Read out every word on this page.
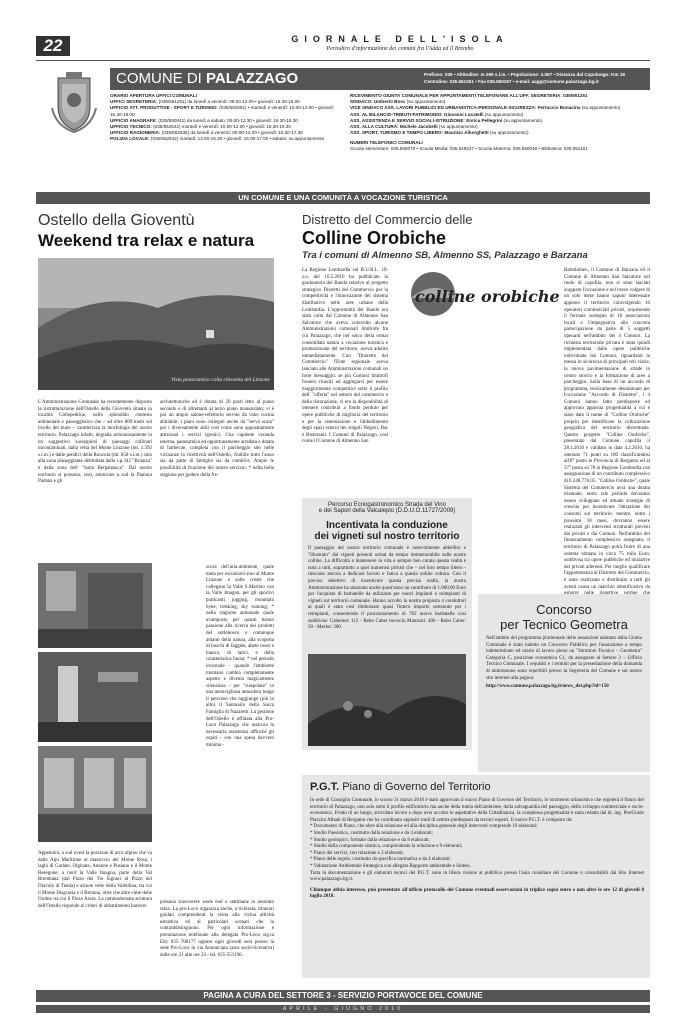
22	GIORNALE DELL'ISOLA
Periodico d'informazione dei comuni fra l'Adda ed il Brembo
COMUNE DI PALAZZAGO	Prefisso: 035 • Altitudine: m 269 s.l.m. • Popolazione: 4.097 • Distanza dal Capoluogo: Km 18
Centralino: 035.551261 • Fax 035.550197 • e-mail: aagg@comune.palazzago.bg.it
ORARIO APERTURA UFFICI COMUNALI
UFFICI SEGRETERIA: (035/551261) da lunedì a venerdì: 09.00-12.00 • giovedì: 16.30-18.00
UFFICIO ATT. PRODUTTIVE - SPORT E TURISMO: (035/550061) • martedì e venerdì: 10.00-12.00 • giovedì: 16.30-18.00
UFFICIO ANAGRAFE: (035/550041) da lunedì a sabato: 09.00-12.30 • giovedì: 16.30-18.30
UFFICIO TECNICO: (035/552542) martedì e venerdì: 10.00-12.00 • giovedì: 16.30-18.30
UFFICIO RAGIONERIA: (035/552535) da lunedì a venerdì: 09.00-12.00 • giovedì: 16.30-17.30
POLIZIA LOCALE: (035/552542) martedì: 14.00-16.30 • giovedì: 15.00-17.00 • sabato: su appuntamento
RICEVIMENTO GIUNTA COMUNALE PER APPUNTAMENTI TELEFONARE ALL'UFF. SEGRETERIA: 035/551261
SINDACO: Umberto Bosc (su appuntamento)
VICE SINDACO ASS. LAVORI PUBBLICI ED URBANISTICA-PERSONALE-SICUREZZA: Ferruccio Bonacina (su appuntamento)
ASS. AL BILANCIO-TRIBUTI-PATRIMONIO: Giovanni Locatelli (su appuntamento)
ASS. ASSISTENZA E SERVIZI SOCIALI-ISTRUZIONE: Enrica Pellegrini (su appuntamento)
ASS. ALLA CULTURA: Michele Jacobelli (su appuntamento)
ASS. SPORT, TURISMO E TEMPO LIBERO: Maurizio Alborghetti (su appuntamento)
NUMERI TELEFONICI COMUNALI
Scuola elementare: 035.550070 • Scuola Media: 035.549227 • Scuola Materna: 035.550048 • Biblioteca: 035.551161
UN COMUNE E UNA COMUNITÀ A VOCAZIONE TURISTICA
Ostello della Gioventù
Weekend tra relax e natura
Vista panoramica colla chiesetta del Linzone
L'Amministrazione Comunale ha recentemente disposto la ristrutturazione dell'Ostello della Gioventù situato in località Collepedrino, nello splendido contesto ambientale e paesaggistico che – ad oltre 800 metri sul livello del mare – caratterizza la morfologia del nostro territorio. Palazzago infatti, degrada armoniosamente in un suggestivo susseguirsi di paesaggi collinari incontaminati, dalla vetta del Monte Linzone (mt. 1.392 s.l.m.) e dalle pendici della Roncola (mt. 858 s.l.m.) sino alla zona pianeggiante delimitata dalla s.p.342 "Brianza" e dalla zona dell' "Isola Bergamasca". Dal nostro territorio si possono, così, ammirare a sud la Pianura Padana e gli
architettoniche ed è dotata di 20 posti letto al piano secondo e di altrettanti al terzo piano mansardato; vi è poi un ampio salone-refettorio servito da vano cucina abitabile; i piani sono collegati anche da "servo scala" per i diversamente abili così come sono appositamente attrezzati i servizi igienici. Una capiente veranda esterna, panoramica ed opportunamente arredata e dotata di barbecue, completa con il parcheggio sito nelle vicinanze la ricettività dell'Ostello, fruibile tutto l'anno sia da parte di famiglie sia da comitive. Ampie le possibilità di fruizione del nostro servizio: * nella bella stagione per godere della fre-
scura dell'aria-ambiente, quale meta per escursioni sino al Monte Linzone e sulle creste che collegano la Valle S.Martino con la Valle Imagna, per gli sportivi praticanti jogging, mountain byke, trekking, sky running; * nella stagione autunnale quale avamposto per quanti hanno passione alla ricerca dei prodotti del sottobosco e comunque amanti della natura, alla scoperta di boschi di faggete, abete rosso e bianco, di larici, e della caratteristica fauna; * nel periodo invernale - quando l'ambiente montano cambia completamente aspetto e diventa magicamente silenzioso - per "ciaspolare" in una meravigliosa atmosfera lungo il percorso che raggiunge (più in alto) il Santuario della Sacra Famiglia di Nazareth. La gestione dell'Ostello è affidata alla Pro-Loco Palazzago che assicura la necessaria assistenza affinché gli ospiti - con una spesa davvero minima -
Appennini, a sud ovest la porzione di arco alpino che va dalle Alpi Marittime al massiccio del Monte Rosa, i laghi di Garlate, Olginate, Annone e Pusiano e il Monte Resegone, a nord la Valle Imagna, parte della Val Brembana (dal Pizzo dei Tre Signori al Pizzo del Diavolo di Tenda) e alcune vette della Valtellina, tra cui il Monte Disgrazia e il Bernina, oltre che altre cime delle Orobie tra cui il Pizzo Arera. La rammodernata struttura dell'Ostello risponde ai criteri di abbattimento barriere
possano trascorrere week end o settimane in assoluto relax. La pro-Loco organizza anche, a richiesta, itinerari guidati comprendenti la visita alla vicina attività estrattiva ed ai particolari scenari che la contraddistinguono. Per ogni informazione e prenotazione telefonate alla delegata Pro-Loco sig.ra Edy 035–788177 oppure ogni giovedì sera presso la sede Pro-Loco in via Annunciata (area socio-ricreativa) dalle ore 21 alle ore 23 - tel. 035-551196.
Distretto del Commercio delle
Colline Orobiche
Tra i comuni di Almenno SB, Almenno SS, Palazzago e Barzana
La Regione Lombardia sul B.U.R.L. 19-s.o. del 10.5.2010 ha pubblicato la graduatoria del Bando relativo al progetto strategico Distretti del Commercio per la competitività e l'innovazione del sistema distributivo nelle aree urbane della Lombardia. L'opportunità del Bando era stata colta dal Comune di Almenno San Salvatore che aveva coinvolto alcune Amministrazioni comunali limitrofe fra cui Palazzago, che nel solco della ormai consolidata natura a vocazione turistica e promozionale del territorio, aveva aderito immediatamente. Con "Distretto del Commercio" l'Ente regionale aveva lanciato alle Amministrazioni comunali un forte messaggio: se più Comuni limitrofi fossero riusciti ad aggregarsi per essere maggiormente competitivi sotto il profilo dell' "offerta" nel settore del commercio e della ristorazione, vi era la disponibilità di ottenere contributi a fondo perduto per opere pubbliche di miglioria del territorio e per la sistemazione e l'abbellimento degli spazi esterni dei singoli Negozi, Bar e Ristoranti. I Comuni di Palazzago, così come il Comune di Almenno San
colline orobiche
Bartolomeo, il Comune di Barzana ed il Comune di Almenno San Salvatore nel ruolo di capofila, non si sono lasciati scappare l'occasione e nel breve volgere di un solo mese hanno saputo interessare appieno il territorio coinvolgendo 16 operatori commerciali privati, acquisendo il formale sostegno di 10 associazioni locali e l'impegnativa alla concreta partecipazione da parte di 5 soggetti operanti nell'ambito dei 4 Comuni. La richiesta territoriale privata è stata quindi implementata dalle opere pubbliche individuate dai Comuni, riguardanti la messa in sicurezza di principali reti viarie, la nuova pavimentazione di strade in centro storico e la formazione di aree a parcheggio. Sulla base di un accordo di programma, tecnicamente denominato per l'occasione "Accordo di Distretto", i 4 Comuni hanno fatto predisporre ed approvato apposita progettualità a cui è stato dato il nome di "Colline Orobiche" proprio per identificare la collocazione geografica del territorio distrettuale. Questo progetto "Colline Orobiche", presentato dal Comune capofila il 28.1.2010 e validato in data 4.2.2010, ha ottenuto 71 punti su 100 classificandosi all'8° posto in Provincia di Bergamo ed al 37° posto su 78 in Regione Lombardia con assegnazione di un contributo complessivo di €.248.776,05. "Colline Orobiche", quale Sistema del Commercio avrà una durata triennale; entro tale periodo dovranno essere sviluppate ed attuate strategie di crescita per incentivare l'attrazione dei consumi sul territorio; mentre, entro i prossimi 18 mesi, dovranno essere realizzati gli interventi strutturali previsti dai privati e dai Comuni. Nell'ambito del finanziamento complessivo assegnato, il territorio di Palazzago potrà fruire di una somma stimata in circa 75 mila Euro, suddivisa tra opere pubbliche ed iniziative dei privati aderenti. Per meglio qualificare l'appartenenza al Distretto del Commercio, è stato realizzato e distribuito a tutti gli aventi causa un marchio identificativo da
Percorso Ecnogastronomico Strada del Vino
e dei Sapori della Valcalepio (D.D.U.O.11727/2009)
Incentivata la conduzione
dei vigneti sul nostro territorio
Il paesaggio del nostro territorio comunale è notevolmente abbellito e "illustrato" dai vigneti presenti ormai da tempo immemorabile sulle nostre colline. La difficoltà a mantenere in vita e sempre ben curata questa realtà è nota a tutti, soprattutto a quei numerosi privati che – nel loro tempo libero - riescono ancora a dedicare lavoro e fatica a questa nobile coltura. Con il preciso obiettivo di incentivare questa precisa realtà, la nostra Amministrazione ha stanziato anche quest'anno un contributo di 1.000,00 Euro per l'acquisto di barbatelle da utilizzare per nuovi impianti o reimpianti di vigneti sul territorio comunale. Hanno accolto la nostra proposta 4 conduttori ai quali è stato così rimborsato quasi l'intero importo sostenuto per i reimpianti, consentendo il posizionamento di 762 nuove barbatelle così suddivise: Cabernet: 112 - Rebo Caber incrocio Manzoni: 400 - Rebo Caber: 50 - Merlot: 200.
Concorso
per Tecnico Geometra
Nell'ambito del programma pluriennale delle assunzioni adottato dalla Giunta Comunale è stato indetto un Concorso Pubblico per l'assunzione a tempo indeterminato ed orario di lavoro pieno un "Istruttore Tecnico – Geometra" Categoria C, posizione economica C1, da assegnare al Settore 2 – Ufficio Tecnico Comunale. I requisiti e i termini per la presentazione della domanda di ammissione sono reperibili presso la Segreteria del Comune e sul nostro sito internet alla pagina:
http://www.comune.palazzago.bg.it/news_det.php?id=150
P.G.T. Piano di Governo del Territorio

In sede di Consiglio Comunale, lo scorso 31 marzo 2010 è stato approvato il nuovo Piano di Governo del Territorio, lo strumento urbanistico che regolerà il futuro del territorio di Palazzago, non solo sotto il profilo edificatorio ma anche della tutela dell'ambiente, della salvaguardia del paesaggio, dello sviluppo commerciale e socio-economico. Frutto di un lungo, articolato lavoro e dopo aver accolto le aspettative della Cittadinanza, la complessa progettualità è stata redatta dal dr. ing. PierGuido Piazzini Albani di Bergamo che ha coordinato appositi studi di settore predisposti da tecnici esperti. Il nuovo P.G.T. è composto da:

* Documento di Piano, che oltre alla relazione ed alla disciplina generale degli interventi comprende 19 elaborati;
* Studio Paesistico, costituito dalla relazione e da 4 elaborati;
* Studio geologico, formato dalla relazione e da 8 elaborati;
* Studio della componente sismica, comprendente la relazione e 9 elaborati;
* Piano dei servizi, con relazione e 2 elaborati;
* Piano delle regole, costituito da specifica normativa e da 4 elaborati;
* Valutazione Ambientale Strategica con allegato Rapporto ambientale e Sintesi.

Tutta la documentazione e gli elaborati tecnici del P.G.T. sono in libera visione al pubblico presso l'aula consiliare del Comune o consultabili dal Sito Internet www.palazzago.bg.it.

Chiunque abbia interesse, può presentare all'ufficio protocollo del Comune eventuali osservazioni in triplice copia entro e non oltre le ore 12 di giovedì 8 luglio 2010.

PAGINA A CURA DEL SETTORE 3 - SERVIZIO PORTAVOCE DEL COMUNE
APRILE - GIUGNO 2010
